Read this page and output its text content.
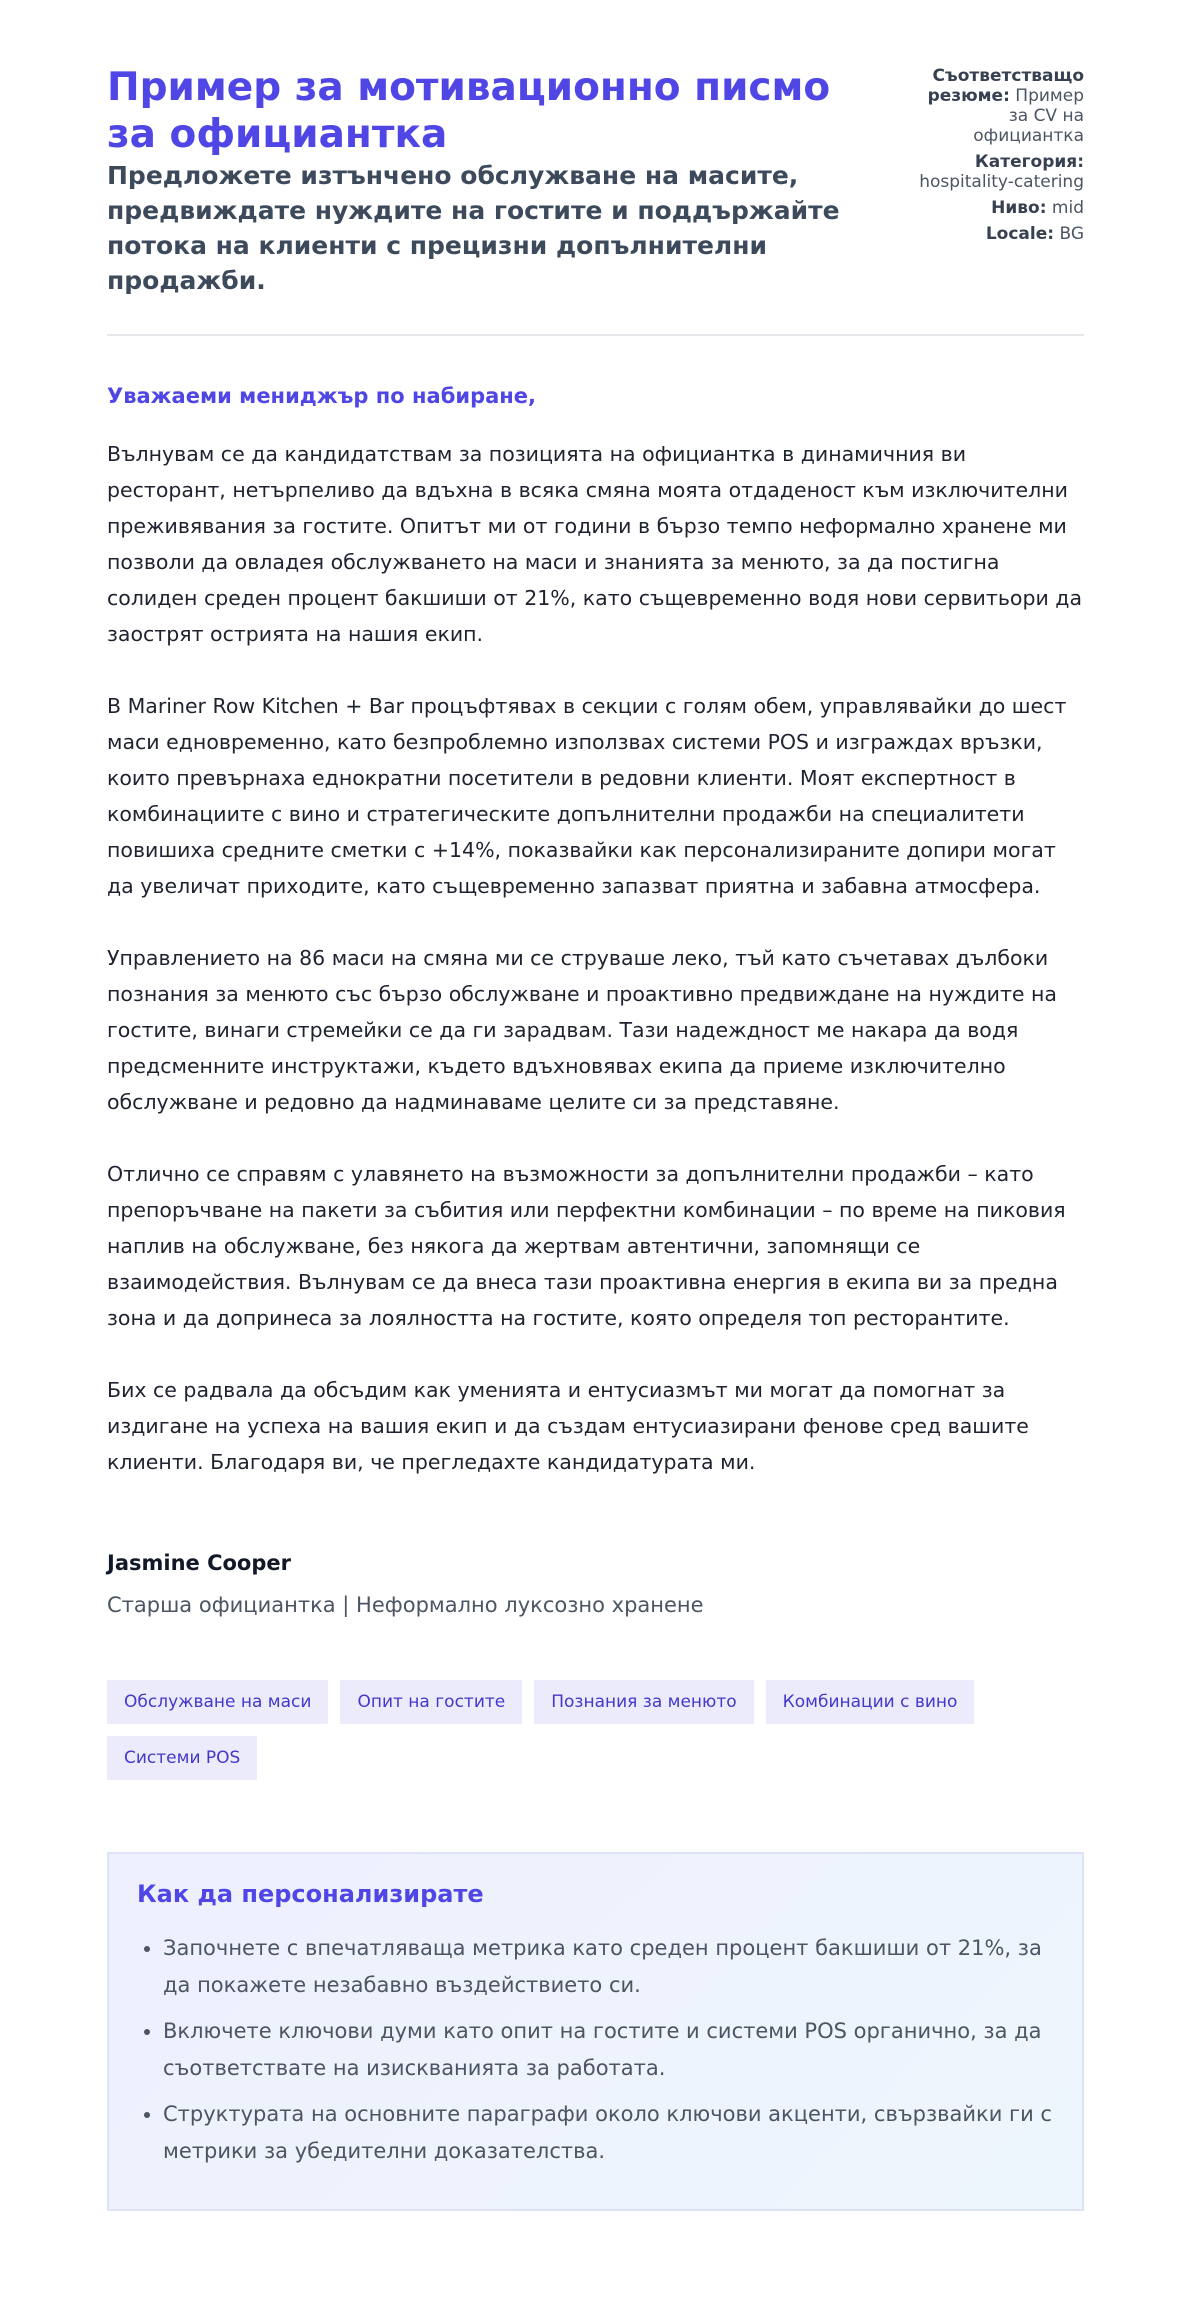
Пример за мотивационно писмо за официантка

Предложете изтънчено обслужване на масите, предвиждате нуждите на гостите и поддържайте потока на клиенти с прецизни допълнителни продажби.

Съответстващо резюме: Пример за CV на официантка
Категория: hospitality-catering
Ниво: mid
Locale: BG

Уважаеми мениджър по набиране,

Вълнувам се да кандидатствам за позицията на официантка в динамичния ви ресторант, нетърпеливо да вдъхна в всяка смяна моята отдаденост към изключителни преживявания за гостите. Опитът ми от години в бързо темпо неформално хранене ми позволи да овладея обслужването на маси и знанията за менюто, за да постигна солиден среден процент бакшиши от 21%, като същевременно водя нови сервитьори да заострят острията на нашия екип.

В Mariner Row Kitchen + Bar процъфтявах в секции с голям обем, управлявайки до шест маси едновременно, като безпроблемно използвах системи POS и изграждах връзки, които превърнаха еднократни посетители в редовни клиенти. Моят експертност в комбинациите с вино и стратегическите допълнителни продажби на специалитети повишиха средните сметки с +14%, показвайки как персонализираните допири могат да увеличат приходите, като същевременно запазват приятна и забавна атмосфера.

Управлението на 86 маси на смяна ми се струваше леко, тъй като съчетавах дълбоки познания за менюто със бързо обслужване и проактивно предвиждане на нуждите на гостите, винаги стремейки се да ги зарадвам. Тази надеждност ме накара да водя предсменните инструктажи, където вдъхновявах екипа да приеме изключително обслужване и редовно да надминаваме целите си за представяне.

Отлично се справям с улавянето на възможности за допълнителни продажби – като препоръчване на пакети за събития или перфектни комбинации – по време на пиковия наплив на обслужване, без някога да жертвам автентични, запомнящи се взаимодействия. Вълнувам се да внеса тази проактивна енергия в екипа ви за предна зона и да допринеса за лоялността на гостите, която определя топ ресторантите.

Бих се радвала да обсъдим как уменията и ентусиазмът ми могат да помогнат за издигане на успеха на вашия екип и да създам ентусиазирани фенове сред вашите клиенти. Благодаря ви, че прегледахте кандидатурата ми.

Jasmine Cooper
Старша официантка | Неформално луксозно хранене
Обслужване на маси	Опит на гостите	Познания за менюто	Комбинации с вино
Системи POS
Как да персонализирате
• Започнете с впечатляваща метрика като среден процент бакшиши от 21%, за да покажете незабавно въздействието си.
• Включете ключови думи като опит на гостите и системи POS органично, за да съответствате на изискванията за работата.
• Структурата на основните параграфи около ключови акценти, свързвайки ги с метрики за убедителни доказателства.
